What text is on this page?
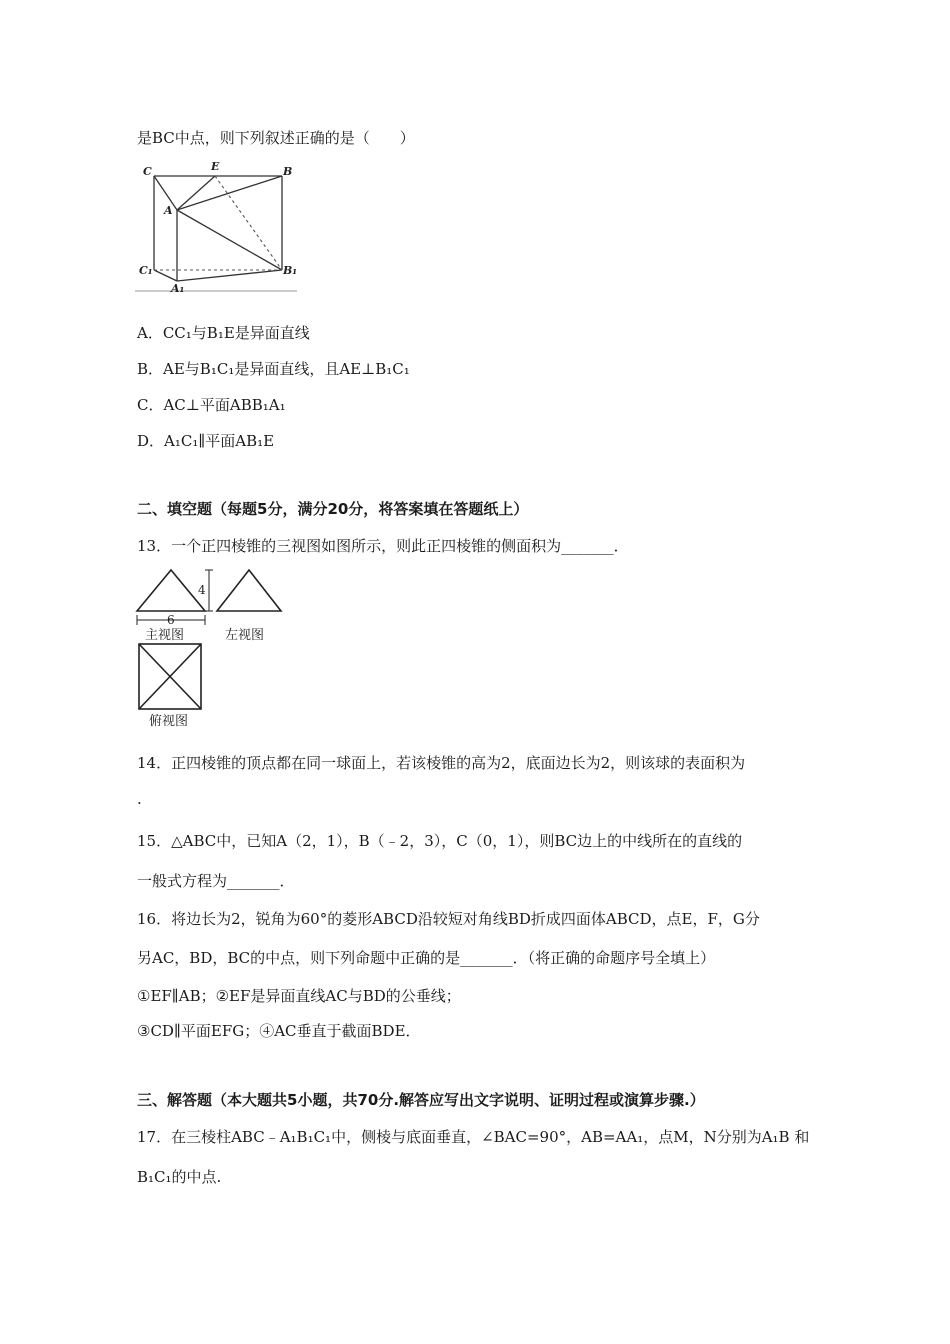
是BC中点，则下列叙述正确的是（　　）
C	E	B
A
C₁	B₁
A₁
A．CC₁与B₁E是异面直线
B．AE与B₁C₁是异面直线，且AE⊥B₁C₁
C．AC⊥平面ABB₁A₁
D．A₁C₁∥平面AB₁E
二、填空题（每题5分，满分20分，将答案填在答题纸上）
13．一个正四棱锥的三视图如图所示，则此正四棱锥的侧面积为_______．
6
4
主视图	左视图
俯视图
14．正四棱锥的顶点都在同一球面上，若该棱锥的高为2，底面边长为2，则该球的表面积为
.
15．△ABC中，已知A（2，1），B（﹣2，3），C（0，1），则BC边上的中线所在的直线的
一般式方程为_______．
16．将边长为2，锐角为60°的菱形ABCD沿较短对角线BD折成四面体ABCD，点E，F，G分
另AC，BD，BC的中点，则下列命题中正确的是_______．（将正确的命题序号全填上）
①EF∥AB；②EF是异面直线AC与BD的公垂线；
③CD∥平面EFG；④AC垂直于截面BDE．
三、解答题（本大题共5小题，共70分.解答应写出文字说明、证明过程或演算步骤.）
17．在三棱柱ABC﹣A₁B₁C₁中，侧棱与底面垂直，∠BAC=90°，AB=AA₁，点M，N分别为A₁B 和
B₁C₁的中点.
